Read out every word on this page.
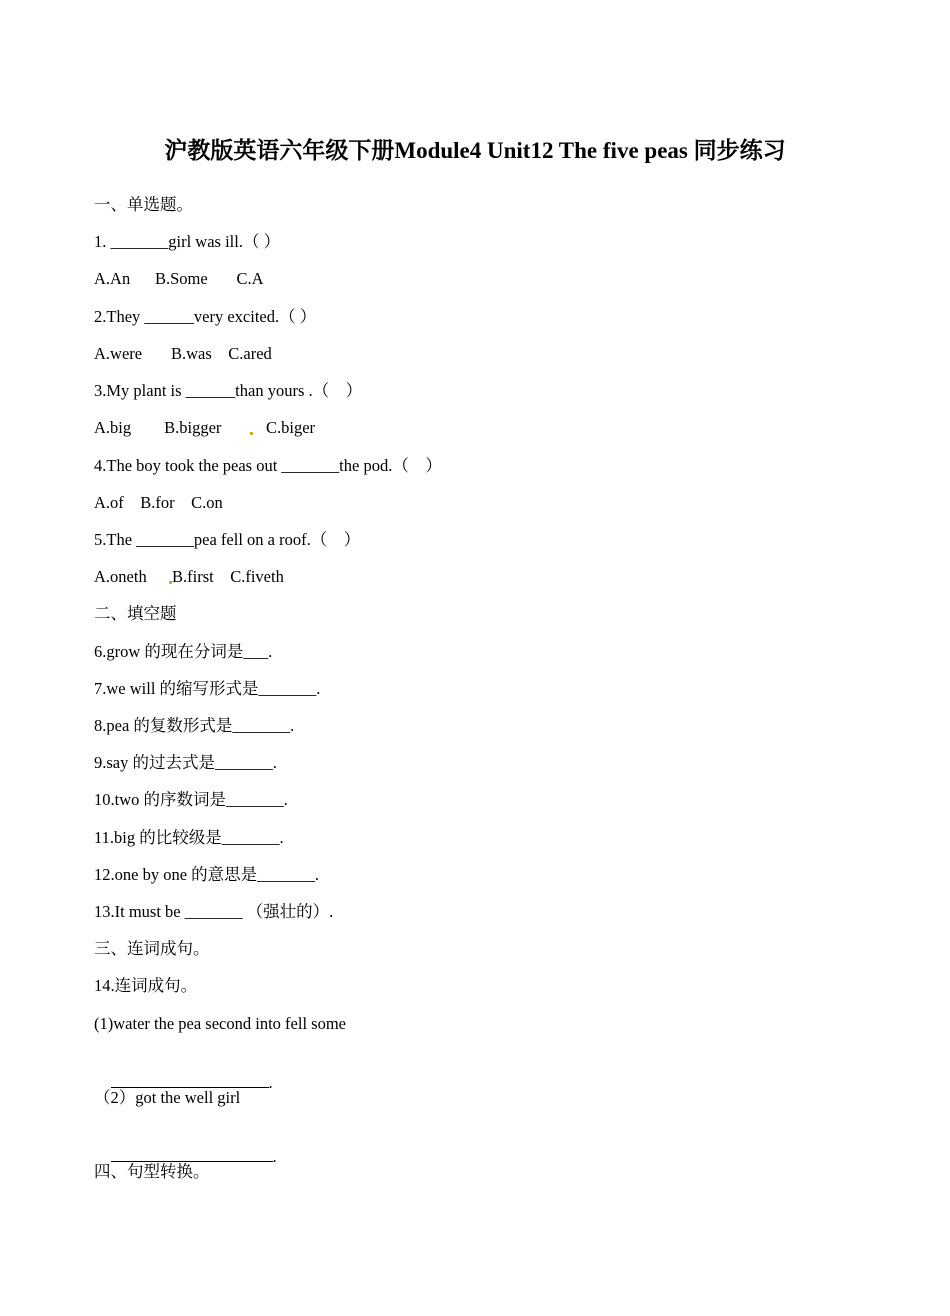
沪教版英语六年级下册Module4 Unit12 The five peas 同步练习
一、单选题。
1. _______girl was ill.（ ）
A.An      B.Some       C.A
2.They ______very excited.（ ）
A.were       B.was    C.ared
3.My plant is ______than yours .（    ）
A.big        B.bigger	C.biger
4.The boy took the peas out _______the pod.（    ）
A.of    B.for    C.on
5.The _______pea fell on a roof.（    ）
A.oneth B.first    C.fiveth
二、填空题
6.grow 的现在分词是___.
7.we will 的缩写形式是_______.
8.pea 的复数形式是_______.
9.say 的过去式是_______.
10.two 的序数词是_______.
11.big 的比较级是_______.
12.one by one 的意思是_______.
13.It must be _______ （强壮的）.
三、连词成句。
14.连词成句。
(1)water the pea second into fell some

.

（2）got the well girl

.

四、句型转换。
